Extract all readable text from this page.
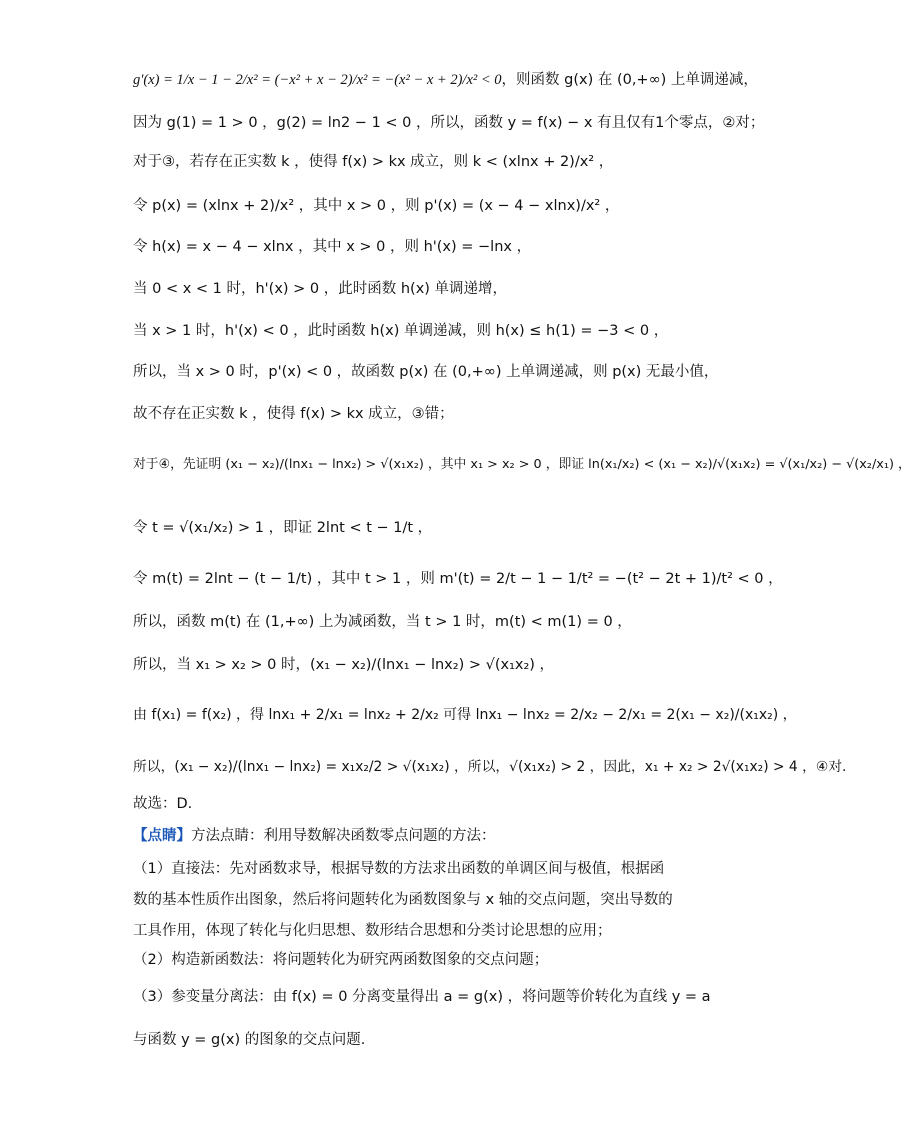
g'(x) = 1/x − 1 − 2/x² = (−x² + x − 2)/x² = −(x² − x + 2)/x² < 0 ，则函数 g(x) 在 (0,+∞) 上单调递减，
因为 g(1) = 1 > 0 ，g(2) = ln2 − 1 < 0 ，所以，函数 y = f(x) − x 有且仅有1个零点，②对；
对于③，若存在正实数 k ，使得 f(x) > kx 成立，则 k < (xlnx + 2)/x² ，
令 p(x) = (xlnx + 2)/x² ，其中 x > 0 ，则 p'(x) = (x − 4 − xlnx)/x² ，
令 h(x) = x − 4 − xlnx ，其中 x > 0 ，则 h'(x) = −lnx ，
当 0 < x < 1 时，h'(x) > 0 ，此时函数 h(x) 单调递增，
当 x > 1 时，h'(x) < 0 ，此时函数 h(x) 单调递减，则 h(x) ≤ h(1) = −3 < 0 ，
所以，当 x > 0 时，p'(x) < 0 ，故函数 p(x) 在 (0,+∞) 上单调递减，则 p(x) 无最小值，
故不存在正实数 k ，使得 f(x) > kx 成立，③错；
对于④，先证明 (x₁ − x₂)/(lnx₁ − lnx₂) > √(x₁x₂) ，其中 x₁ > x₂ > 0 ，即证 ln(x₁/x₂) < (x₁ − x₂)/√(x₁x₂) = √(x₁/x₂) − √(x₂/x₁) ，
令 t = √(x₁/x₂) > 1 ，即证 2lnt < t − 1/t ，
令 m(t) = 2lnt − (t − 1/t) ，其中 t > 1 ，则 m'(t) = 2/t − 1 − 1/t² = −(t² − 2t + 1)/t² < 0 ，
所以，函数 m(t) 在 (1,+∞) 上为减函数，当 t > 1 时，m(t) < m(1) = 0 ，
所以，当 x₁ > x₂ > 0 时，(x₁ − x₂)/(lnx₁ − lnx₂) > √(x₁x₂) ，
由 f(x₁) = f(x₂) ，得 lnx₁ + 2/x₁ = lnx₂ + 2/x₂ 可得 lnx₁ − lnx₂ = 2/x₂ − 2/x₁ = 2(x₁ − x₂)/(x₁x₂) ，
所以，(x₁ − x₂)/(lnx₁ − lnx₂) = x₁x₂/2 > √(x₁x₂) ，所以，√(x₁x₂) > 2 ，因此，x₁ + x₂ > 2√(x₁x₂) > 4 ，④对.
故选：D.
【点睛】 方法点睛：利用导数解决函数零点问题的方法：
（1）直接法：先对函数求导，根据导数的方法求出函数的单调区间与极值，根据函数的基本性质作出图象，然后将问题转化为函数图象与 x 轴的交点问题，突出导数的工具作用，体现了转化与化归思想、数形结合思想和分类讨论思想的应用；
（2）构造新函数法：将问题转化为研究两函数图象的交点问题；
（3）参变量分离法：由 f(x) = 0 分离变量得出 a = g(x) ，将问题等价转化为直线 y = a
与函数 y = g(x) 的图象的交点问题.
